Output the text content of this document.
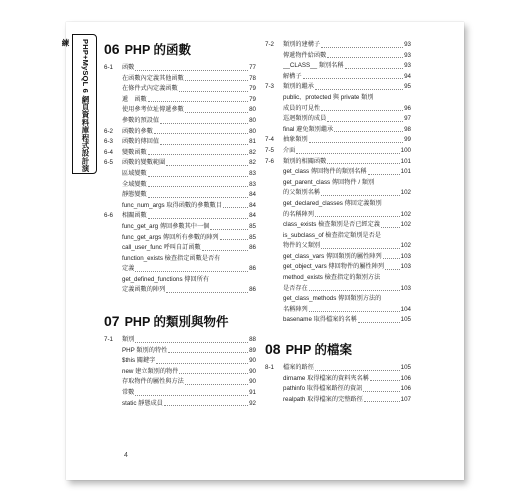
PHP+MySQL 6 網頁資料庫程式設計演練	06 PHP 的函數
6-1	函數	77
在函數內定義其他函數	78
在條件式內定義函數	79
遞　函數	79
使用參考位址傳遞參數	80
參數的預設值	80
6-2	函數的參數	80
6-3	函數的傳回值	81
6-4	變數函數	82
6-5	函數的變數範圍	82
區域變數	83
全域變數	83
靜態變數	84
func_num_args 取得函數的參數數目	84
6-6	相關函數	84
func_get_arg 傳回參數其中一個	85
func_get_args 傳回所有參數的陣列	85
call_user_func 呼叫自訂函數	86
function_exists 檢查指定函數是否有
定義	86
get_defined_functions 傳回所有
定義函數的陣列	86
07 PHP 的類別與物件
7-1	類別	88
PHP 類別的特性	89
$this 關鍵字	90
new 建立類別的物件	90
存取物件的屬性與方法	90
常數	91
static 靜態成員	92
7-2	類別的建構子	93
傳遞物件給函數	93
__CLASS__ 類別名稱	93
解構子	94
7-3	類別的繼承	95
public、protected 與 private 類別
成員的可見性	96
巡迴類別的成員	97
final 避免類別繼承	98
7-4	抽象類別	99
7-5	介面	100
7-6	類別的相關函數	101
get_class 傳回物件的類別名稱	101
get_parent_class 傳回物件 / 類別
的父類別名稱	102
get_declared_classes 傳回定義類別
的名稱陣列	102
class_exists 檢查類別是否已經定義	102
is_subclass_of 檢查指定類別是否是
物件的父類別	102
get_class_vars 傳回類別的屬性陣列	103
get_object_vars 傳回物件的屬性陣列	103
method_exists 檢查指定的類別方法
是否存在	103
get_class_methods 傳回類別方法的
名稱陣列	104
basename 取得檔案的名稱	105
08 PHP 的檔案
8-1	檔案的路徑	105
dirname 取得檔案的資料夾名稱	106
pathinfo 取得檔案路徑的資訊	106
realpath 取得檔案的完整路徑	107
4
